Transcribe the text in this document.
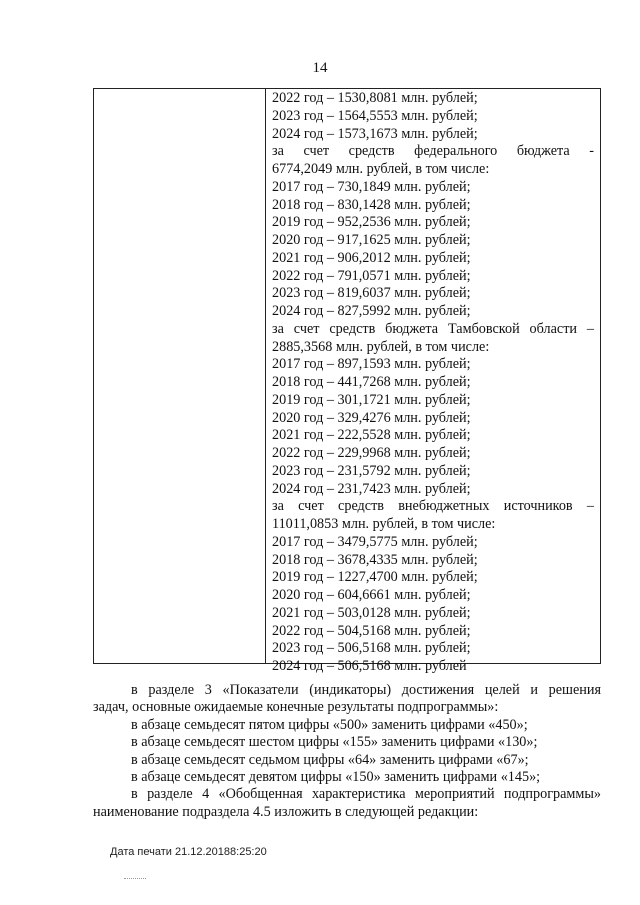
14
2022 год – 1530,8081 млн. рублей;
2023 год – 1564,5553 млн. рублей;
2024 год – 1573,1673 млн. рублей;
за счет средств федерального бюджета -
6774,2049 млн. рублей, в том числе:
2017 год – 730,1849 млн. рублей;
2018 год – 830,1428 млн. рублей;
2019 год – 952,2536 млн. рублей;
2020 год – 917,1625 млн. рублей;
2021 год – 906,2012 млн. рублей;
2022 год – 791,0571 млн. рублей;
2023 год – 819,6037 млн. рублей;
2024 год – 827,5992 млн. рублей;
за счет средств бюджета Тамбовской области –
2885,3568 млн. рублей, в том числе:
2017 год – 897,1593 млн. рублей;
2018 год – 441,7268 млн. рублей;
2019 год – 301,1721 млн. рублей;
2020 год – 329,4276 млн. рублей;
2021 год – 222,5528 млн. рублей;
2022 год – 229,9968 млн. рублей;
2023 год – 231,5792 млн. рублей;
2024 год – 231,7423 млн. рублей;
за счет средств внебюджетных источников –
11011,0853 млн. рублей, в том числе:
2017 год – 3479,5775 млн. рублей;
2018 год – 3678,4335 млн. рублей;
2019 год – 1227,4700 млн. рублей;
2020 год – 604,6661 млн. рублей;
2021 год – 503,0128 млн. рублей;
2022 год – 504,5168 млн. рублей;
2023 год – 506,5168 млн. рублей;
2024 год – 506,5168 млн. рублей
в разделе 3 «Показатели (индикаторы) достижения целей и решения
задач, основные ожидаемые конечные результаты подпрограммы»:
в абзаце семьдесят пятом цифры «500» заменить цифрами «450»;
в абзаце семьдесят шестом цифры «155» заменить цифрами «130»;
в абзаце семьдесят седьмом цифры «64» заменить цифрами «67»;
в абзаце семьдесят девятом цифры «150» заменить цифрами «145»;
в разделе 4 «Обобщенная характеристика мероприятий подпрограммы»
наименование подраздела 4.5 изложить в следующей редакции:
Дата печати 21.12.20188:25:20
